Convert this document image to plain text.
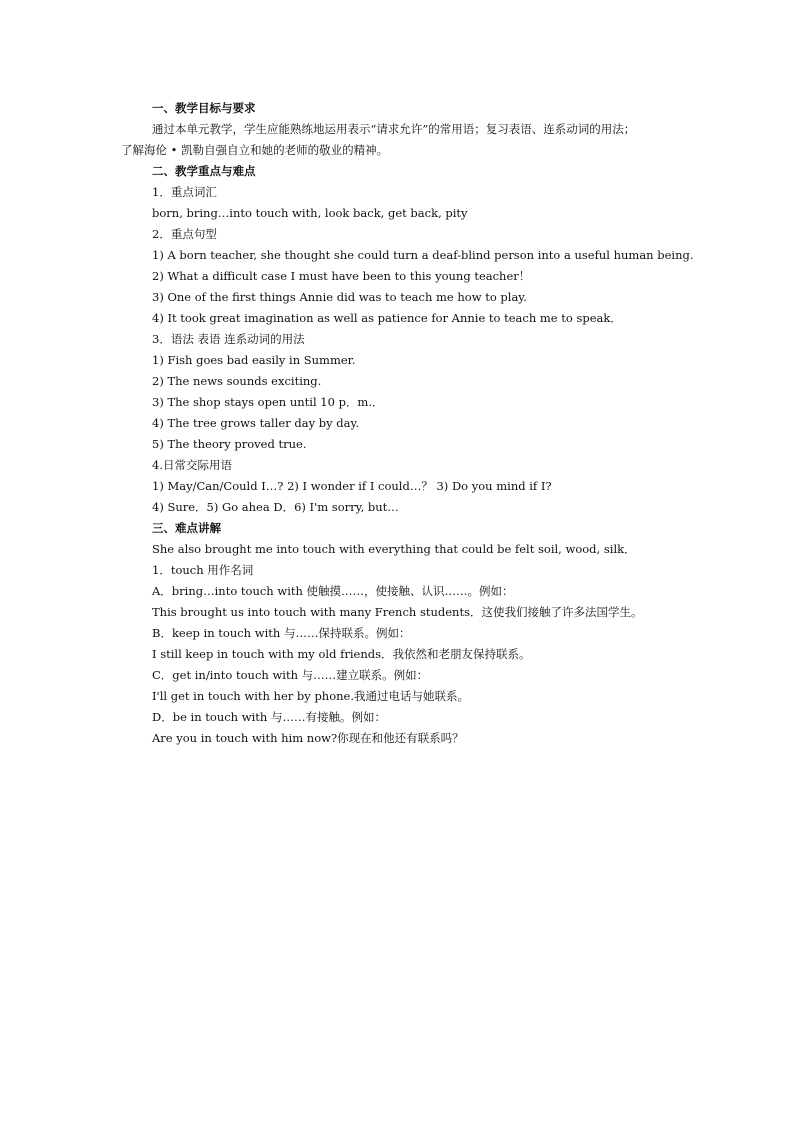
一、教学目标与要求
通过本单元教学，学生应能熟练地运用表示“请求允许”的常用语；复习表语、连系动词的用法；
了解海伦 • 凯勒自强自立和她的老师的敬业的精神。
二、教学重点与难点
1．重点词汇
born, bring…into touch with, look back, get back, pity
2．重点句型
1) A born teacher, she thought she could turn a deaf-blind person into a useful human being.
2) What a difficult case I must have been to this young teacher！
3) One of the first things Annie did was to teach me how to play.
4) It took great imagination as well as patience for Annie to teach me to speak．
3．语法 表语 连系动词的用法
1) Fish goes bad easily in Summer.
2) The news sounds exciting.
3) The shop stays open until 10 p．m.．
4) The tree grows taller day by day.
5) The theory proved true.
4.日常交际用语
1) May/Can/Could I…? 2) I wonder if I could…？ 3) Do you mind if I?
4) Sure．5) Go ahea D．6) I'm sorry, but…
三、难点讲解
She also brought me into touch with everything that could be felt soil, wood, silk．
1．touch 用作名词
A．bring…into touch with 使触摸……，使接触、认识……。例如：
This brought us into touch with many French students．这使我们接触了许多法国学生。
B．keep in touch with 与……保持联系。例如：
I still keep in touch with my old friends．我依然和老朋友保持联系。
C．get in/into touch with 与……建立联系。例如：
I'll get in touch with her by phone.我通过电话与她联系。
D．be in touch with 与……有接触。例如：
Are you in touch with him now?你现在和他还有联系吗？
